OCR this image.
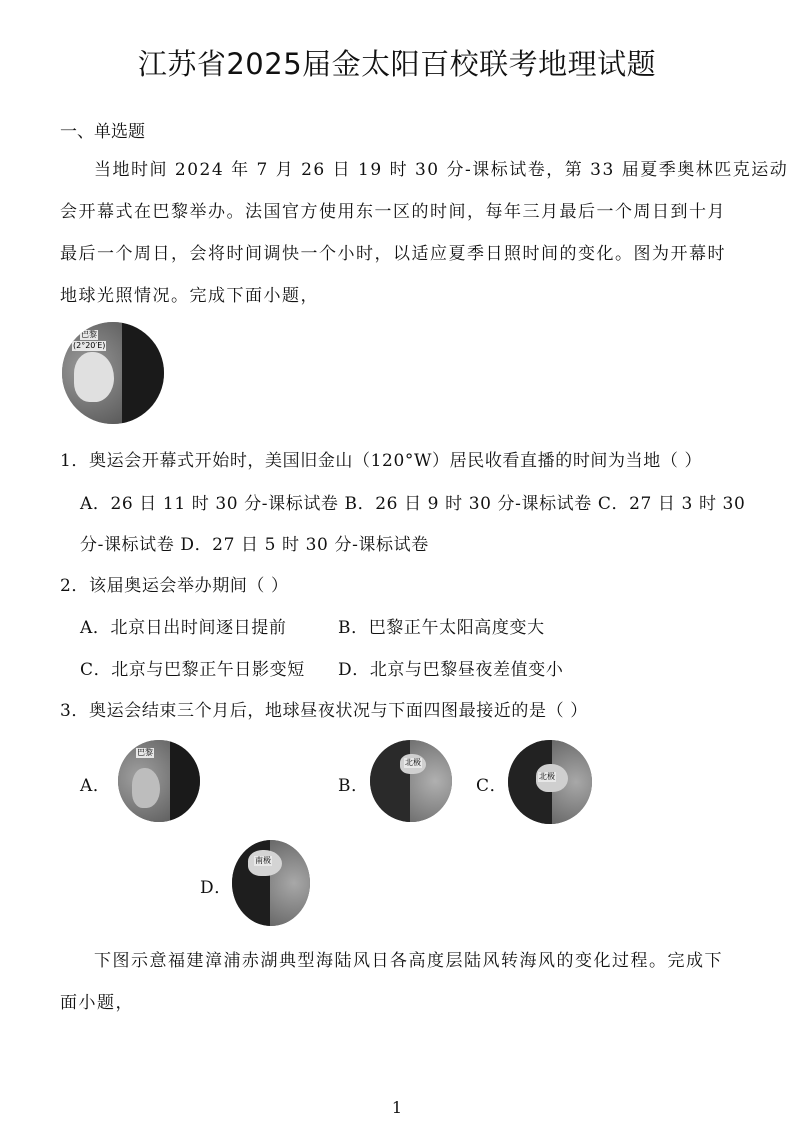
江苏省2025届金太阳百校联考地理试题
一、单选题
当地时间 2024 年 7 月 26 日 19 时 30 分-课标试卷，第 33 届夏季奥林匹克运动
会开幕式在巴黎举办。法国官方使用东一区的时间，每年三月最后一个周日到十月
最后一个周日，会将时间调快一个小时，以适应夏季日照时间的变化。图为开幕时
地球光照情况。完成下面小题，
巴黎
(2°20′E)
1．奥运会开幕式开始时，美国旧金山（120°W）居民收看直播的时间为当地（ ）
A．26 日 11 时 30 分-课标试卷 B．26 日 9 时 30 分-课标试卷 C．27 日 3 时 30
分-课标试卷 D．27 日 5 时 30 分-课标试卷
2．该届奥运会举办期间（ ）
A．北京日出时间逐日提前	B．巴黎正午太阳高度变大
C．北京与巴黎正午日影变短 D．北京与巴黎昼夜差值变小
3．奥运会结束三个月后，地球昼夜状况与下面四图最接近的是（ ）
A．
巴黎
B．
北极
C．	北极
D．
南极
下图示意福建漳浦赤湖典型海陆风日各高度层陆风转海风的变化过程。完成下
面小题，
1
